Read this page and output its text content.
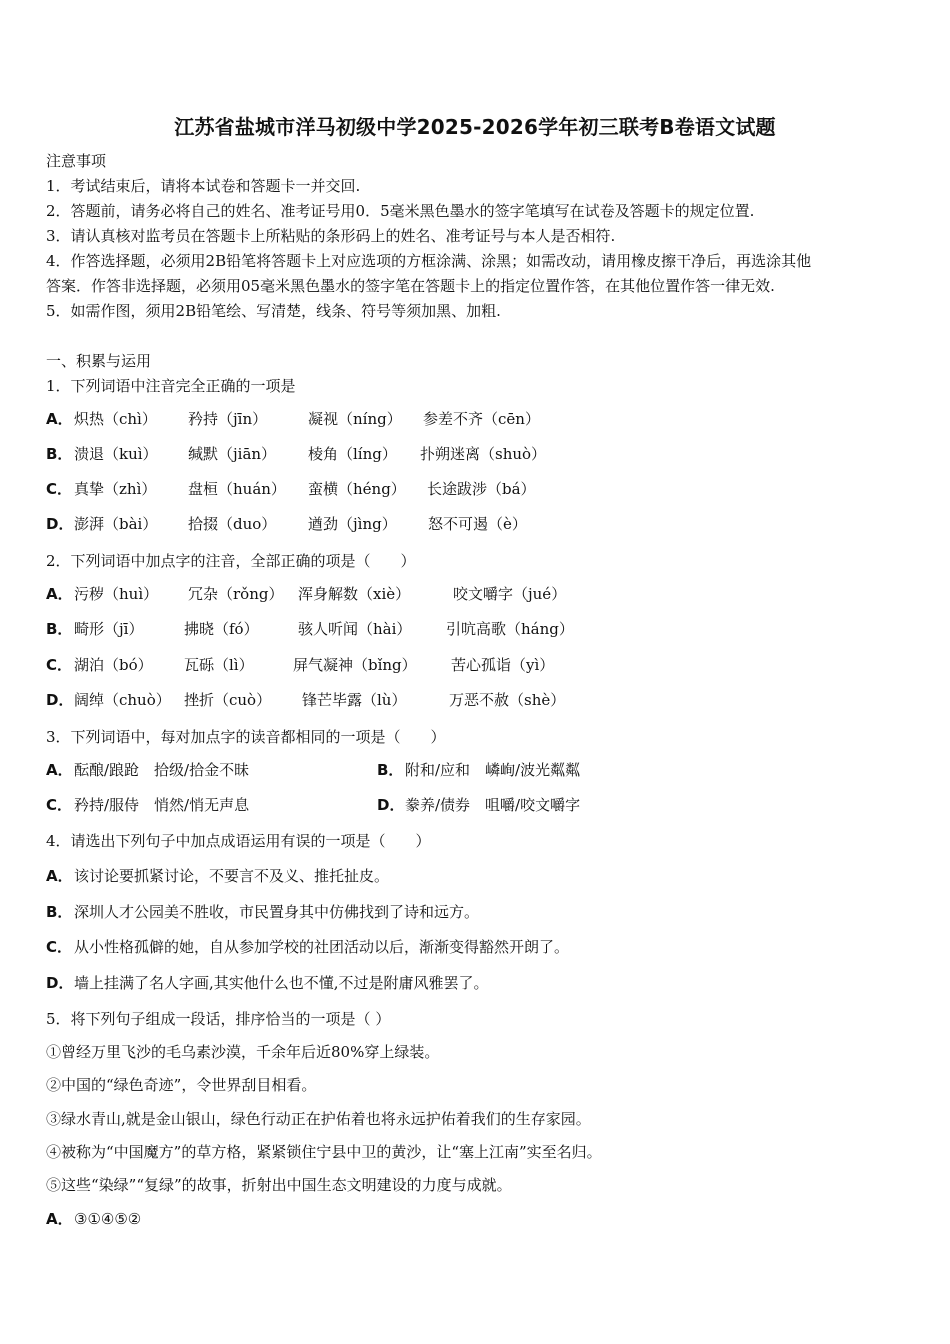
江苏省盐城市洋马初级中学2025-2026学年初三联考B卷语文试题
注意事项
1．考试结束后，请将本试卷和答题卡一并交回.
2．答题前，请务必将自己的姓名、准考证号用0．5毫米黑色墨水的签字笔填写在试卷及答题卡的规定位置.
3．请认真核对监考员在答题卡上所粘贴的条形码上的姓名、准考证号与本人是否相符.
4．作答选择题，必须用2B铅笔将答题卡上对应选项的方框涂满、涂黑；如需改动，请用橡皮擦干净后，再选涂其他
答案．作答非选择题，必须用05毫米黑色墨水的签字笔在答题卡上的指定位置作答，在其他位置作答一律无效.
5．如需作图，须用2B铅笔绘、写清楚，线条、符号等须加黑、加粗.
一、积累与运用
1．下列词语中注音完全正确的一项是
A． 炽热（chì） 矜持（jīn）	凝视（níng） 参差不齐（cēn）
B． 溃退（kuì） 缄默（jiān） 棱角（líng） 扑朔迷离（shuò）
C． 真挚（zhì） 盘桓（huán） 蛮横（héng） 长途跋涉（bá）
D． 澎湃（bài） 拾掇（duo） 遒劲（jìng） 怒不可遏（è）
2．下列词语中加点字的注音，全部正确的项是（　　）
A． 污秽（huì） 冗杂（rǒng） 浑身解数（xiè）	咬文嚼字（jué）
B． 畸形（jī）	拂晓（fó）	骇人听闻（hài） 引吭高歌（háng）
C． 湖泊（bó） 瓦砾（lì）	屏气凝神（bǐng） 苦心孤诣（yì）
D． 阔绰（chuò） 挫折（cuò） 锋芒毕露（lù）	万恶不赦（shè）
3．下列词语中，每对加点字的读音都相同的一项是（　　）
A． 酝酿/踉跄　拾级/拾金不昧	B． 附和/应和　嶙峋/波光粼粼
C． 矜持/服侍　悄然/悄无声息	D． 豢养/债券　咀嚼/咬文嚼字
4．请选出下列句子中加点成语运用有误的一项是（　　）
A． 该讨论要抓紧讨论，不要言不及义、推托扯皮。
B． 深圳人才公园美不胜收，市民置身其中仿佛找到了诗和远方。
C． 从小性格孤僻的她，自从参加学校的社团活动以后，渐渐变得豁然开朗了。
D． 墙上挂满了名人字画,其实他什么也不懂,不过是附庸风雅罢了。
5．将下列句子组成一段话，排序恰当的一项是（ ）
①曾经万里飞沙的毛乌素沙漠，千余年后近80%穿上绿装。
②中国的“绿色奇迹”，令世界刮目相看。
③绿水青山,就是金山银山，绿色行动正在护佑着也将永远护佑着我们的生存家园。
④被称为“中国魔方”的草方格，紧紧锁住宁县中卫的黄沙，让“塞上江南”实至名归。
⑤这些“染绿”“复绿”的故事，折射出中国生态文明建设的力度与成就。
A． ③①④⑤②
